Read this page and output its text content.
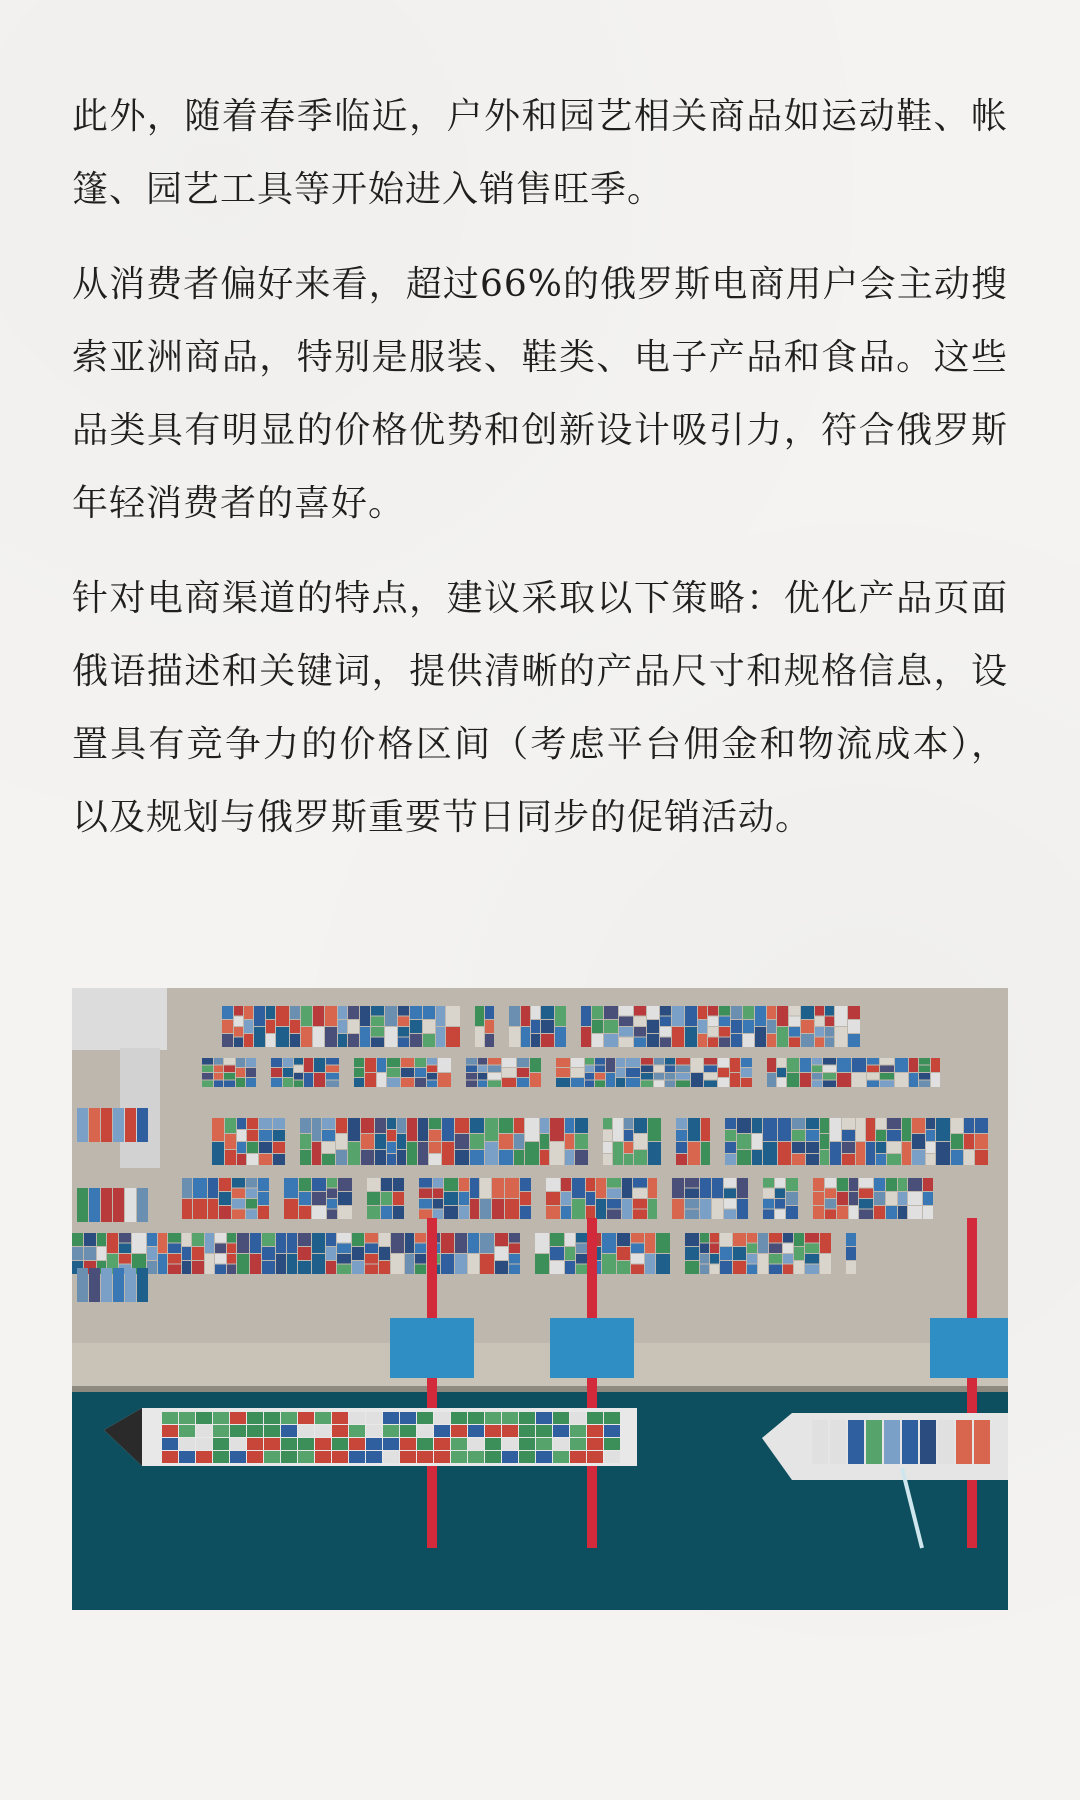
此外，随着春季临近，户外和园艺相关商品如运动鞋、帐篷、园艺工具等开始进入销售旺季。

从消费者偏好来看，超过66%的俄罗斯电商用户会主动搜索亚洲商品，特别是服装、鞋类、电子产品和食品。这些品类具有明显的价格优势和创新设计吸引力，符合俄罗斯年轻消费者的喜好。

针对电商渠道的特点，建议采取以下策略：优化产品页面俄语描述和关键词，提供清晰的产品尺寸和规格信息，设置具有竞争力的价格区间（考虑平台佣金和物流成本），以及规划与俄罗斯重要节日同步的促销活动。
